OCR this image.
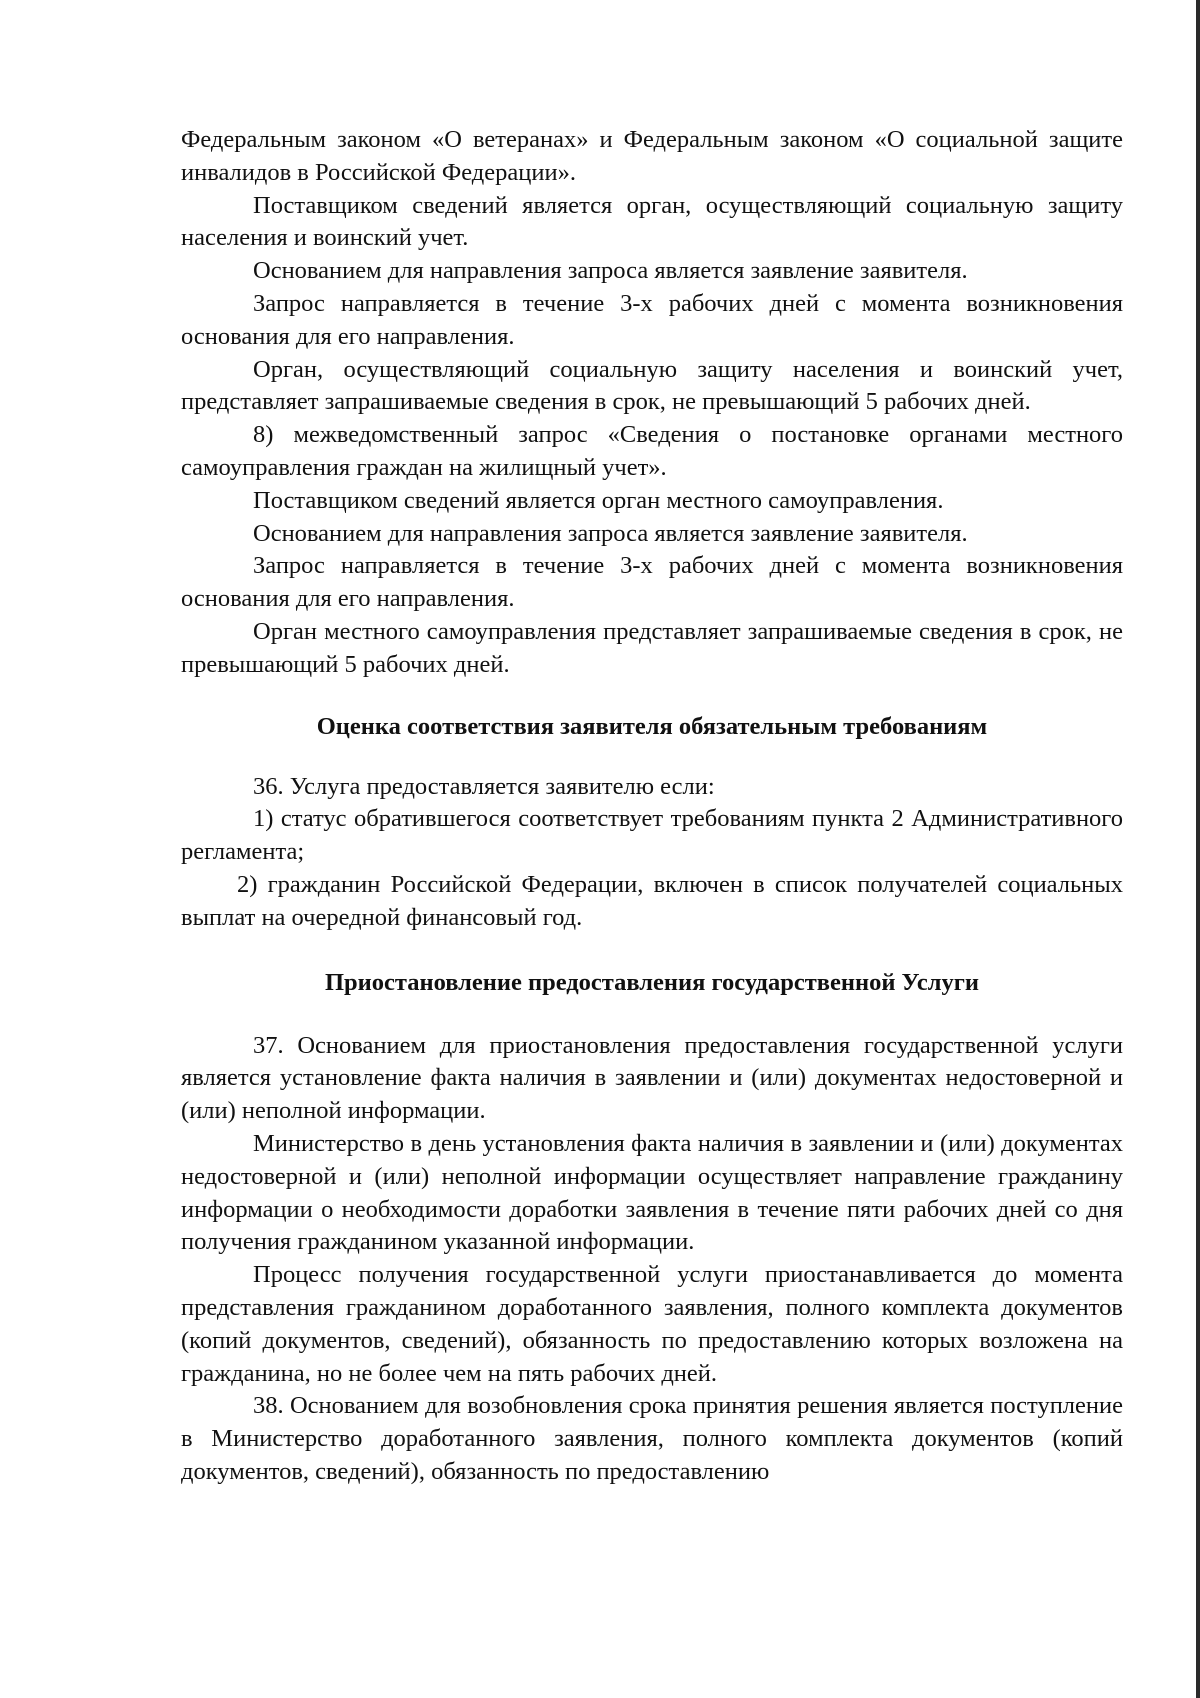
Федеральным законом «О ветеранах» и Федеральным законом «О социальной защите инвалидов в Российской Федерации».

Поставщиком сведений является орган, осуществляющий социальную защиту населения и воинский учет.

Основанием для направления запроса является заявление заявителя.

Запрос направляется в течение 3-х рабочих дней с момента возникновения основания для его направления.

Орган, осуществляющий социальную защиту населения и воинский учет, представляет запрашиваемые сведения в срок, не превышающий 5 рабочих дней.

8) межведомственный запрос «Сведения о постановке органами местного самоуправления граждан на жилищный учет».

Поставщиком сведений является орган местного самоуправления.

Основанием для направления запроса является заявление заявителя.

Запрос направляется в течение 3-х рабочих дней с момента возникновения основания для его направления.

Орган местного самоуправления представляет запрашиваемые сведения в срок, не превышающий 5 рабочих дней.

Оценка соответствия заявителя обязательным требованиям

36. Услуга предоставляется заявителю если:

1) статус обратившегося соответствует требованиям пункта 2 Административного регламента;

2) гражданин Российской Федерации, включен в список получателей социальных выплат на очередной финансовый год.

Приостановление предоставления государственной Услуги

37. Основанием для приостановления предоставления государственной услуги является установление факта наличия в заявлении и (или) документах недостоверной и (или) неполной информации.

Министерство в день установления факта наличия в заявлении и (или) документах недостоверной и (или) неполной информации осуществляет направление гражданину информации о необходимости доработки заявления в течение пяти рабочих дней со дня получения гражданином указанной информации.

Процесс получения государственной услуги приостанавливается до момента представления гражданином доработанного заявления, полного комплекта документов (копий документов, сведений), обязанность по предоставлению которых возложена на гражданина, но не более чем на пять рабочих дней.

38. Основанием для возобновления срока принятия решения является поступление в Министерство доработанного заявления, полного комплекта документов (копий документов, сведений), обязанность по предоставлению
